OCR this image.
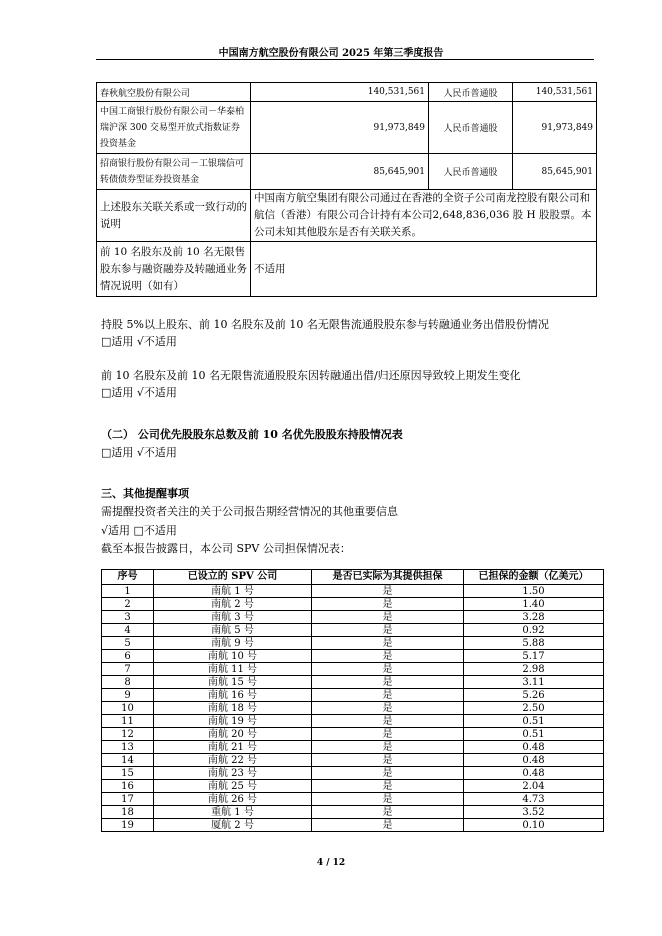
中国南方航空股份有限公司 2025 年第三季度报告
春秋航空股份有限公司	140,531,561	人民币普通股	140,531,561
中国工商银行股份有限公司－华泰柏瑞沪深 300 交易型开放式指数证券投资基金	91,973,849	人民币普通股	91,973,849
招商银行股份有限公司－工银瑞信可转债债券型证券投资基金	85,645,901	人民币普通股	85,645,901
上述股东关联关系或一致行动的说明	中国南方航空集团有限公司通过在香港的全资子公司南龙控股有限公司和航信（香港）有限公司合计持有本公司2,648,836,036 股 H 股股票。本公司未知其他股东是否有关联关系。		
前 10 名股东及前 10 名无限售股东参与融资融券及转融通业务情况说明（如有）	不适用		
持股 5%以上股东、前 10 名股东及前 10 名无限售流通股股东参与转融通业务出借股份情况
□适用 √不适用
前 10 名股东及前 10 名无限售流通股股东因转融通出借/归还原因导致较上期发生变化
□适用 √不适用
（二） 公司优先股股东总数及前 10 名优先股股东持股情况表
□适用 √不适用
三、其他提醒事项
需提醒投资者关注的关于公司报告期经营情况的其他重要信息
√适用 □不适用
截至本报告披露日，本公司 SPV 公司担保情况表：
序号	已设立的 SPV 公司	是否已实际为其提供担保	已担保的金额（亿美元）
1	南航 1 号	是	1.50
2	南航 2 号	是	1.40
3	南航 3 号	是	3.28
4	南航 5 号	是	0.92
5	南航 9 号	是	5.88
6	南航 10 号	是	5.17
7	南航 11 号	是	2.98
8	南航 15 号	是	3.11
9	南航 16 号	是	5.26
10	南航 18 号	是	2.50
11	南航 19 号	是	0.51
12	南航 20 号	是	0.51
13	南航 21 号	是	0.48
14	南航 22 号	是	0.48
15	南航 23 号	是	0.48
16	南航 25 号	是	2.04
17	南航 26 号	是	4.73
18	重航 1 号	是	3.52
19	厦航 2 号	是	0.10
4 / 12
